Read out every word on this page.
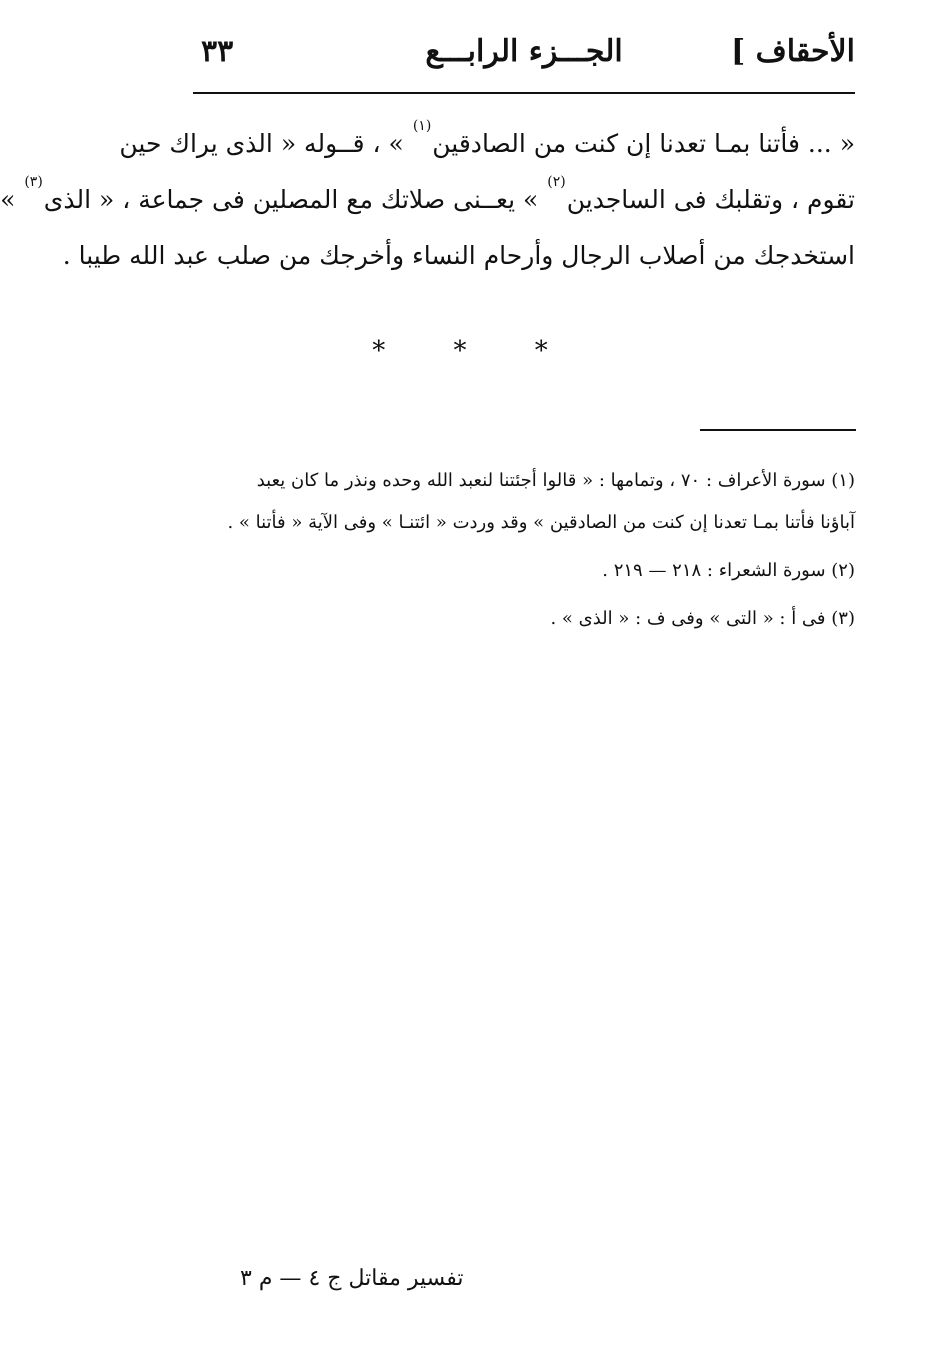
الأحقاف ]
الجـــزء الرابـــع
٣٣
« ... فأتنا بمـا تعدنا إن كنت من الصادقين$^{(١)}$ » ، قــوله « الذى يراك حين
تقوم ، وتقلبك فى الساجدين$^{(٢)}$ » يعــنى صلاتك مع المصلين فى جماعة ، « الذى$^{(٣)}$ »
استخدجك من أصلاب الرجال وأرحام النساء وأخرجك من صلب عبد الله طيبا .
* * *
(١) سورة الأعراف : ٧٠ ، وتمامها : « قالوا أجئتنا لنعبد الله وحده ونذر ما كان يعبد
آباؤنا فأتنا بمـا تعدنا إن كنت من الصادقين » وقد وردت « ائتنـا » وفى الآية « فأتنا » .
(٢) سورة الشعراء : ٢١٨ — ٢١٩ .
(٣) فى أ : « التى » وفى ف : « الذى » .
تفسير مقاتل ج ٤ — م ٣
